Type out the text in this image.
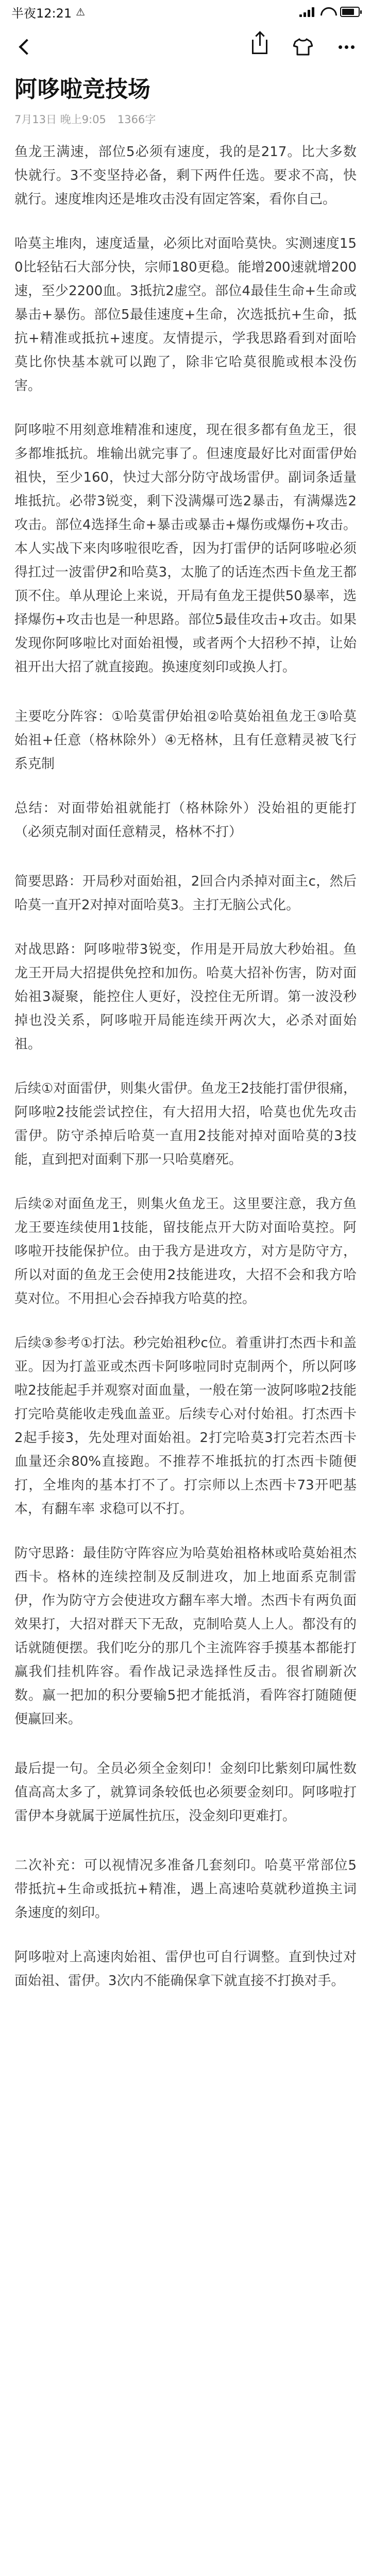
半夜12:21 ⚠
阿哆啦竞技场
7月13日 晚上9:05 1366字

鱼龙王满速，部位5必须有速度，我的是217。比大多数快就行。3不变坚持必备，剩下两件任选。要求不高，快就行。速度堆肉还是堆攻击没有固定答案，看你自己。

哈莫主堆肉，速度适量，必须比对面哈莫快。实测速度150比轻钻石大部分快，宗师180更稳。能增200速就增200速，至少2200血。3抵抗2虚空。部位4最佳生命+生命或暴击+暴伤。部位5最佳速度+生命，次选抵抗+生命，抵抗+精准或抵抗+速度。友情提示，学我思路看到对面哈莫比你快基本就可以跑了，除非它哈莫很脆或根本没伤害。

阿哆啦不用刻意堆精准和速度，现在很多都有鱼龙王，很多都堆抵抗。堆输出就完事了。但速度最好比对面雷伊始祖快，至少160，快过大部分防守战场雷伊。副词条适量堆抵抗。必带3锐变，剩下没满爆可选2暴击，有满爆选2攻击。部位4选择生命+暴击或暴击+爆伤或爆伤+攻击。本人实战下来肉哆啦很吃香，因为打雷伊的话阿哆啦必须得扛过一波雷伊2和哈莫3，太脆了的话连杰西卡鱼龙王都顶不住。单从理论上来说，开局有鱼龙王提供50暴率，选择爆伤+攻击也是一种思路。部位5最佳攻击+攻击。如果发现你阿哆啦比对面始祖慢，或者两个大招秒不掉，让始祖开出大招了就直接跑。换速度刻印或换人打。

主要吃分阵容：①哈莫雷伊始祖②哈莫始祖鱼龙王③哈莫始祖+任意（格林除外）④无格林，且有任意精灵被飞行系克制

总结：对面带始祖就能打（格林除外）没始祖的更能打（必须克制对面任意精灵，格林不打）

简要思路：开局秒对面始祖，2回合内杀掉对面主c，然后哈莫一直开2对掉对面哈莫3。主打无脑公式化。

对战思路：阿哆啦带3锐变，作用是开局放大秒始祖。鱼龙王开局大招提供免控和加伤。哈莫大招补伤害，防对面始祖3凝聚，能控住人更好，没控住无所谓。第一波没秒掉也没关系，阿哆啦开局能连续开两次大，必杀对面始祖。

后续①对面雷伊，则集火雷伊。鱼龙王2技能打雷伊很痛，阿哆啦2技能尝试控住，有大招用大招，哈莫也优先攻击雷伊。防守杀掉后哈莫一直用2技能对掉对面哈莫的3技能，直到把对面剩下那一只哈莫磨死。

后续②对面鱼龙王，则集火鱼龙王。这里要注意，我方鱼龙王要连续使用1技能，留技能点开大防对面哈莫控。阿哆啦开技能保护位。由于我方是进攻方，对方是防守方，所以对面的鱼龙王会使用2技能进攻，大招不会和我方哈莫对位。不用担心会吞掉我方哈莫的控。

后续③参考①打法。秒完始祖秒c位。着重讲打杰西卡和盖亚。因为打盖亚或杰西卡阿哆啦同时克制两个，所以阿哆啦2技能起手并观察对面血量，一般在第一波阿哆啦2技能打完哈莫能收走残血盖亚。后续专心对付始祖。打杰西卡2起手接3，先处理对面始祖。2打完哈莫3打完若杰西卡血量还余80%直接跑。不推荐不堆抵抗的打杰西卡随便打，全堆肉的基本打不了。打宗师以上杰西卡73开吧基本，有翻车率 求稳可以不打。

防守思路：最佳防守阵容应为哈莫始祖格林或哈莫始祖杰西卡。格林的连续控制及反制进攻，加上地面系克制雷伊，作为防守方会使进攻方翻车率大增。杰西卡有两负面效果打，大招对群天下无敌，克制哈莫人上人。都没有的话就随便摆。我们吃分的那几个主流阵容手摸基本都能打赢我们挂机阵容。看作战记录选择性反击。很省刷新次数。赢一把加的积分要输5把才能抵消，看阵容打随随便便赢回来。

最后提一句。全员必须全金刻印！金刻印比紫刻印属性数值高高太多了，就算词条较低也必须要金刻印。阿哆啦打雷伊本身就属于逆属性抗压，没金刻印更难打。

二次补充：可以视情况多准备几套刻印。哈莫平常部位5带抵抗+生命或抵抗+精准，遇上高速哈莫就秒道换主词条速度的刻印。

阿哆啦对上高速肉始祖、雷伊也可自行调整。直到快过对面始祖、雷伊。3次内不能确保拿下就直接不打换对手。
